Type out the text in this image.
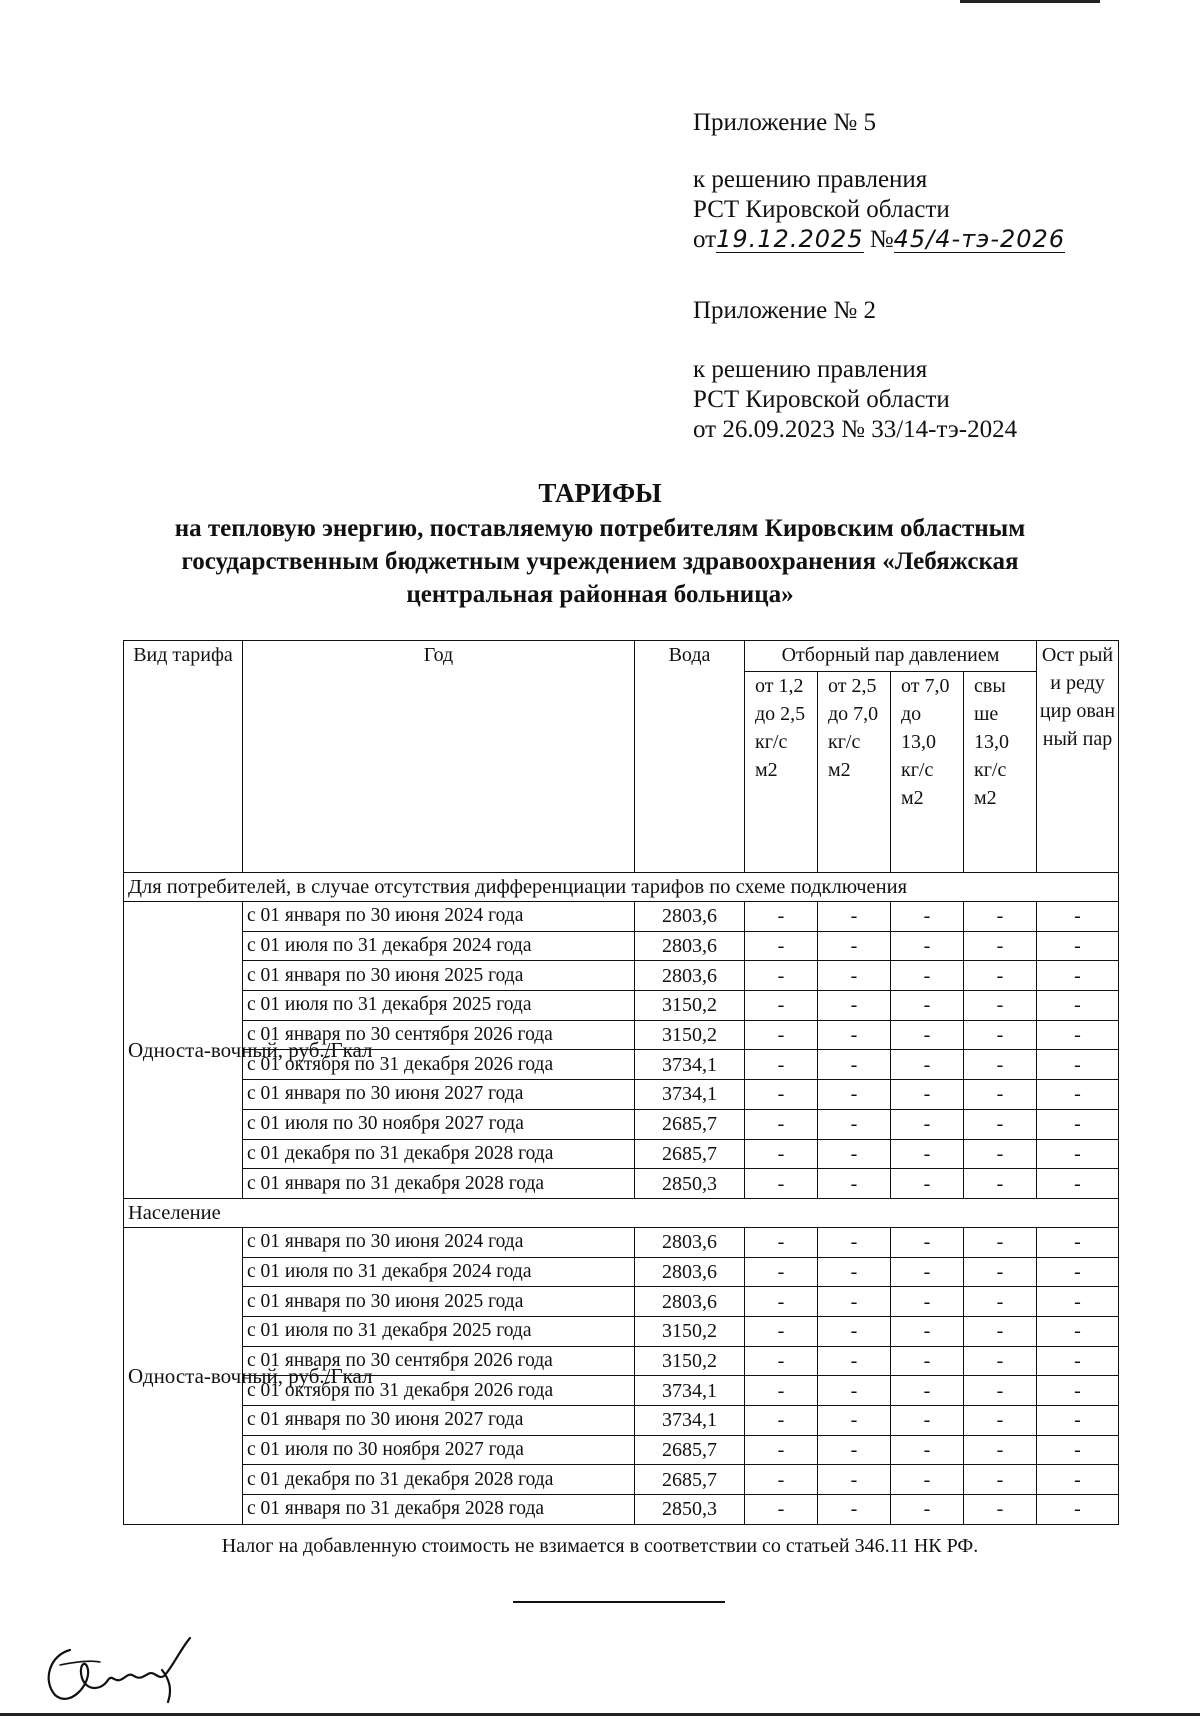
Приложение № 5
к решению правления
РСТ Кировской области
от19.12.2025 №45/4-тэ-2026
Приложение № 2
к решению правления
РСТ Кировской области
от 26.09.2023 № 33/14-тэ-2024
ТАРИФЫ
на тепловую энергию, поставляемую потребителям Кировским областным государственным бюджетным учреждением здравоохранения «Лебяжская центральная районная больница»
Вид тарифа	Год	Вода	Отборный пар давлением				Ост рый и реду цир ован ный пар
			от 1,2 до 2,5 кг/с м2	от 2,5 до 7,0 кг/с м2	от 7,0 до 13,0 кг/с м2	свы ше 13,0 кг/с м2	
Для потребителей, в случае отсутствия дифференциации тарифов по схеме подключения							
Односта-вочный, руб./Гкал	с 01 января по 30 июня 2024 года	2803,6	-	-	-	-	-
	с 01 июля по 31 декабря 2024 года	2803,6	-	-	-	-	-
	с 01 января по 30 июня 2025 года	2803,6	-	-	-	-	-
	с 01 июля по 31 декабря 2025 года	3150,2	-	-	-	-	-
	с 01 января по 30 сентября 2026 года	3150,2	-	-	-	-	-
	с 01 октября по 31 декабря 2026 года	3734,1	-	-	-	-	-
	с 01 января по 30 июня 2027 года	3734,1	-	-	-	-	-
	с 01 июля по 30 ноября 2027 года	2685,7	-	-	-	-	-
	с 01 декабря по 31 декабря 2028 года	2685,7	-	-	-	-	-
	с 01 января по 31 декабря 2028 года	2850,3	-	-	-	-	-
Население							
Односта-вочный, руб./Гкал	с 01 января по 30 июня 2024 года	2803,6	-	-	-	-	-
	с 01 июля по 31 декабря 2024 года	2803,6	-	-	-	-	-
	с 01 января по 30 июня 2025 года	2803,6	-	-	-	-	-
	с 01 июля по 31 декабря 2025 года	3150,2	-	-	-	-	-
	с 01 января по 30 сентября 2026 года	3150,2	-	-	-	-	-
	с 01 октября по 31 декабря 2026 года	3734,1	-	-	-	-	-
	с 01 января по 30 июня 2027 года	3734,1	-	-	-	-	-
	с 01 июля по 30 ноября 2027 года	2685,7	-	-	-	-	-
	с 01 декабря по 31 декабря 2028 года	2685,7	-	-	-	-	-
	с 01 января по 31 декабря 2028 года	2850,3	-	-	-	-	-
Налог на добавленную стоимость не взимается в соответствии со статьей 346.11 НК РФ.
